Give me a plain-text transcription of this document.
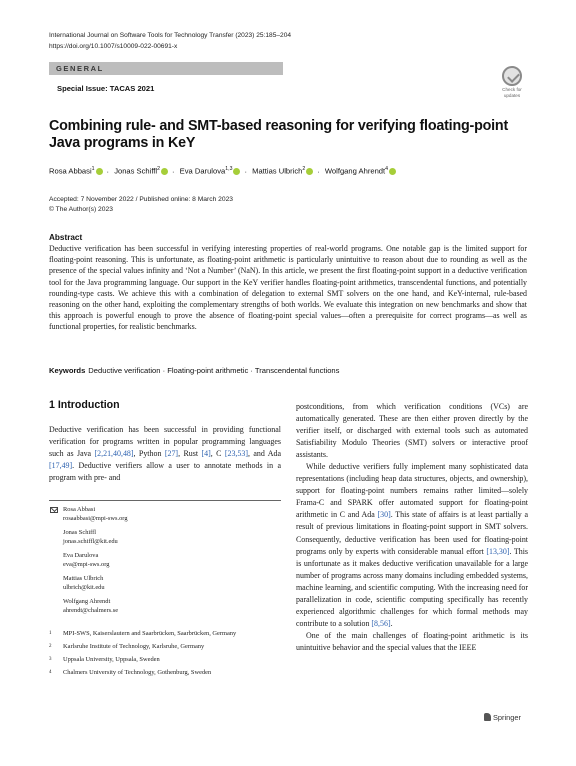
International Journal on Software Tools for Technology Transfer (2023) 25:185–204
https://doi.org/10.1007/s10009-022-00691-x
GENERAL
Check for
updates
Special Issue: TACAS 2021
Combining rule- and SMT-based reasoning for verifying floating-point Java programs in KeY
Rosa Abbasi$^1$ · Jonas Schiffl$^2$ · Eva Darulova$^{1,3}$ · Mattias Ulbrich$^2$ · Wolfgang Ahrendt$^4$
Accepted: 7 November 2022 / Published online: 8 March 2023
© The Author(s) 2023
Abstract

Deductive verification has been successful in verifying interesting properties of real-world programs. One notable gap is the limited support for floating-point reasoning. This is unfortunate, as floating-point arithmetic is particularly unintuitive to reason about due to rounding as well as the presence of the special values infinity and ‘Not a Number’ (NaN). In this article, we present the first floating-point support in a deductive verification tool for the Java programming language. Our support in the KeY verifier handles floating-point arithmetics, transcendental functions, and potentially rounding-type casts. We achieve this with a combination of delegation to external SMT solvers on the one hand, and KeY-internal, rule-based reasoning on the other hand, exploiting the complementary strengths of both worlds. We evaluate this integration on new benchmarks and show that this approach is powerful enough to prove the absence of floating-point special values—often a prerequisite for correct programs—as well as functional properties, for realistic benchmarks.

Keywords Deductive verification · Floating-point arithmetic · Transcendental functions
1 Introduction

Deductive verification has been successful in providing functional verification for programs written in popular programming languages such as Java [2,21,40,48], Python [27], Rust [4], C [23,53], and Ada [17,49]. Deductive verifiers allow a user to annotate methods in a program with pre- and

postconditions, from which verification conditions (VCs) are automatically generated. These are then either proven directly by the verifier itself, or discharged with external tools such as automated Satisfiability Modulo Theories (SMT) solvers or interactive proof assistants.

While deductive verifiers fully implement many sophisticated data representations (including heap data structures, objects, and ownership), support for floating-point numbers remains rather limited—solely Frama-C and SPARK offer automated support for floating-point arithmetic in C and Ada [30]. This state of affairs is at least partially a result of previous limitations in floating-point support in SMT solvers. Consequently, deductive verification has been used for floating-point programs only by experts with considerable manual effort [13,30]. This is unfortunate as it makes deductive verification unavailable for a large number of programs across many domains including embedded systems, machine learning, and scientific computing. With the increasing need for parallelization in code, scientific computing specifically has recently experienced algorithmic challenges for which formal methods may contribute to a solution [8,56].

One of the main challenges of floating-point arithmetic is its unintuitive behavior and the special values that the IEEE

Rosa Abbasi
rosaabbasi@mpi-sws.org
Jonas Schiffl
jonas.schiffl@kit.edu
Eva Darulova
eva@mpi-sws.org
Mattias Ulbrich
ulbrich@kit.edu
Wolfgang Ahrendt
ahrendt@chalmers.se
1	MPI-SWS, Kaiserslautern and Saarbrücken, Saarbrücken, Germany
2	Karlsruhe Institute of Technology, Karlsruhe, Germany
3	Uppsala University, Uppsala, Sweden
4	Chalmers University of Technology, Gothenburg, Sweden
Springer
